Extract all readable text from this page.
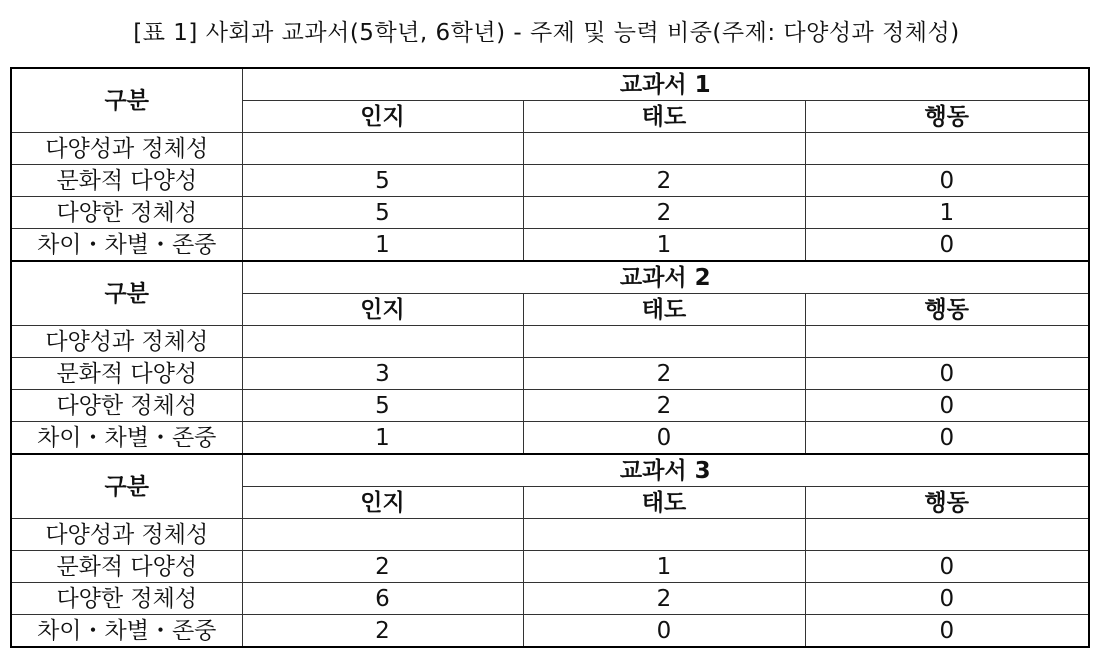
[표 1] 사회과 교과서(5학년, 6학년) - 주제 및 능력 비중(주제: 다양성과 정체성)
구분	교과서 1		
	인지	태도	행동
다양성과 정체성			
문화적 다양성	5	2	0
다양한 정체성	5	2	1
차이・차별・존중	1	1	0
구분	교과서 2		
	인지	태도	행동
다양성과 정체성			
문화적 다양성	3	2	0
다양한 정체성	5	2	0
차이・차별・존중	1	0	0
구분	교과서 3		
	인지	태도	행동
다양성과 정체성			
문화적 다양성	2	1	0
다양한 정체성	6	2	0
차이・차별・존중	2	0	0
